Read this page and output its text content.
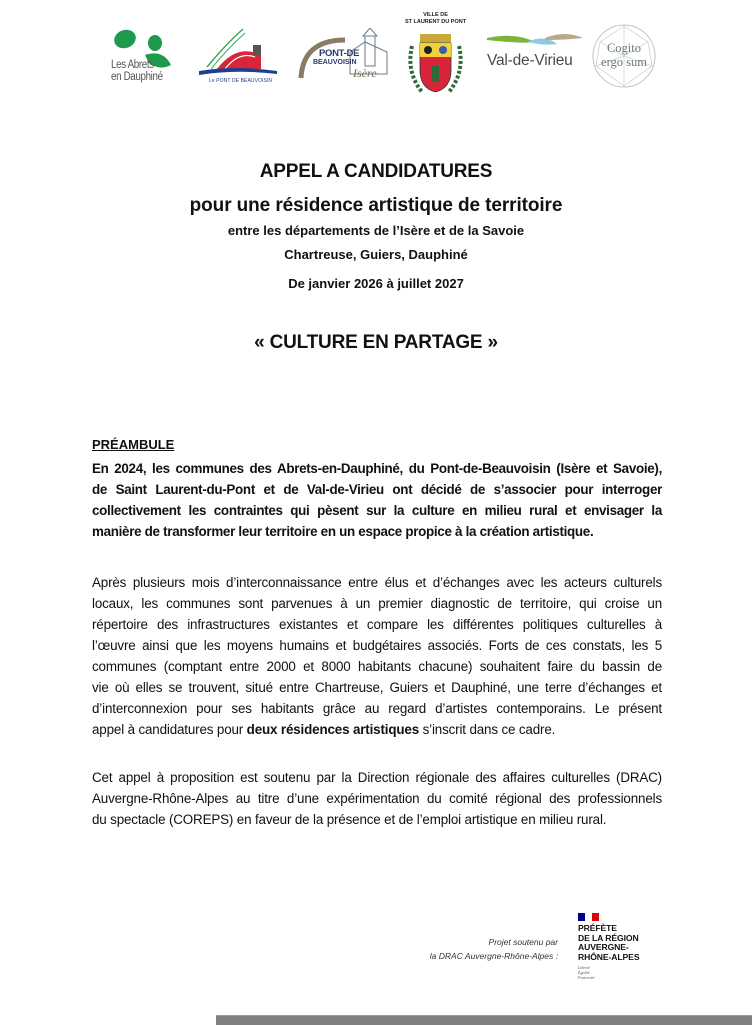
Les Abrets
en Dauphiné	Le PONT DE BEAUVOISIN
PONT-DE
BEAUVOISIN
Isère
VILLE DE
ST LAURENT DU PONT
Val-de-Virieu
Cogito
ergo sum
APPEL A CANDIDATURES
pour une résidence artistique de territoire
entre les départements de l’Isère et de la Savoie
Chartreuse, Guiers, Dauphiné
De janvier 2026 à juillet 2027
« CULTURE EN PARTAGE »
PRÉAMBULE
En 2024, les communes des Abrets-en-Dauphiné, du Pont-de-Beauvoisin (Isère et Savoie),
de Saint Laurent-du-Pont et de Val-de-Virieu ont décidé de s’associer pour interroger
collectivement les contraintes qui pèsent sur la culture en milieu rural et envisager la
manière de transformer leur territoire en un espace propice à la création artistique.
Après plusieurs mois d’interconnaissance entre élus et d’échanges avec les acteurs culturels
locaux, les communes sont parvenues à un premier diagnostic de territoire, qui croise un
répertoire des infrastructures existantes et compare les différentes politiques culturelles à
l’œuvre ainsi que les moyens humains et budgétaires associés. Forts de ces constats, les 5
communes (comptant entre 2000 et 8000 habitants chacune) souhaitent faire du bassin de
vie où elles se trouvent, situé entre Chartreuse, Guiers et Dauphiné, une terre d’échanges et
d’interconnexion pour ses habitants grâce au regard d’artistes contemporains. Le présent
appel à candidatures pour deux résidences artistiques s’inscrit dans ce cadre.
Cet appel à proposition est soutenu par la Direction régionale des affaires culturelles (DRAC)
Auvergne-Rhône-Alpes au titre d’une expérimentation du comité régional des professionnels
du spectacle (COREPS) en faveur de la présence et de l’emploi artistique en milieu rural.
Projet soutenu par
la DRAC Auvergne-Rhône-Alpes :
PRÉFÈTE
DE LA RÉGION
AUVERGNE-
RHÔNE-ALPES
Liberté
Égalité
Fraternité
